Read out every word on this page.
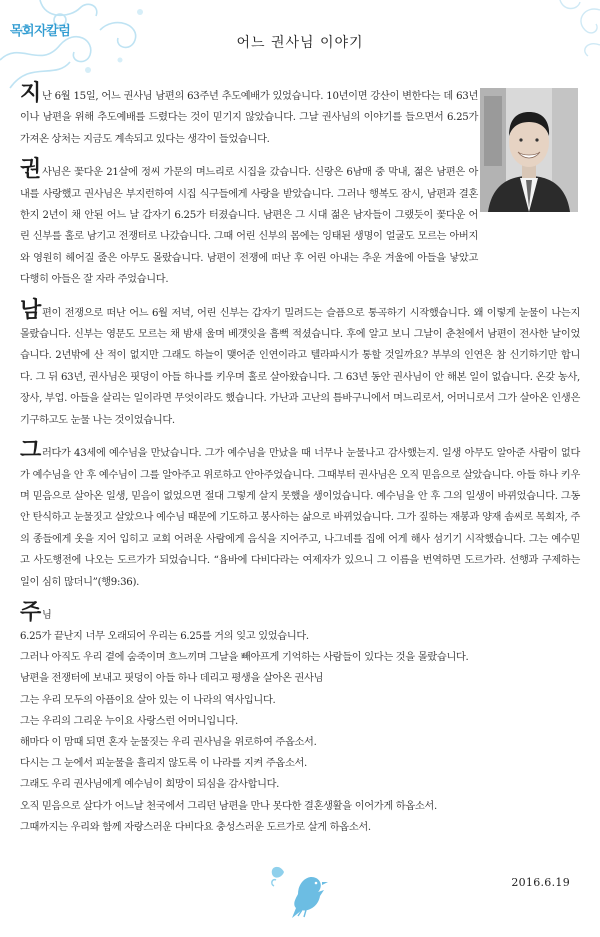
목회자칼럼
어느 권사님 이야기

지난 6월 15일, 어느 권사님 남편의 63주년 추도예배가 있었습니다. 10년이면 강산이 변한다는 데 63년이나 남편을 위해 추도예배를 드렸다는 것이 믿기지 않았습니다. 그날 권사님의 이야기를 들으면서 6.25가 가져온 상처는 지금도 계속되고 있다는 생각이 들었습니다.

권사님은 꽃다운 21살에 정씨 가문의 며느리로 시집을 갔습니다. 신랑은 6남매 중 막내, 젊은 남편은 아내를 사랑했고 권사님은 부지런하여 시집 식구들에게 사랑을 받았습니다. 그러나 행복도 잠시, 남편과 결혼한지 2년이 채 안된 어느 날 갑자기 6.25가 터졌습니다. 남편은 그 시대 젊은 남자들이 그랬듯이 꽃다운 어린 신부를 홀로 남기고 전쟁터로 나갔습니다. 그때 어린 신부의 몸에는 잉태된 생명이 얼굴도 모르는 아버지와 영원히 헤어질 줄은 아무도 몰랐습니다. 남편이 전쟁에 떠난 후 어린 아내는 추운 겨울에 아들을 낳았고 다행히 아들은 잘 자라 주었습니다.

남편이 전쟁으로 떠난 어느 6월 저녁, 어린 신부는 갑자기 밀려드는 슬픔으로 통곡하기 시작했습니다. 왜 이렇게 눈물이 나는지 몰랐습니다. 신부는 영문도 모르는 채 밤새 울며 베갯잇을 흠뻑 적셨습니다. 후에 알고 보니 그날이 춘천에서 남편이 전사한 날이었습니다. 2년밖에 산 적이 없지만 그래도 하늘이 맺어준 인연이라고 텔라파시가 통할 것일까요? 부부의 인연은 참 신기하기만 합니다. 그 뒤 63년, 권사님은 핏덩이 아들 하나를 키우며 홀로 살아왔습니다. 그 63년 동안 권사님이 안 해본 일이 없습니다. 온갖 농사, 장사, 부업. 아들을 살리는 일이라면 무엇이라도 했습니다. 가난과 고난의 틈바구니에서 며느리로서, 어머니로서 그가 살아온 인생은 기구하고도 눈물 나는 것이었습니다.

그러다가 43세에 예수님을 만났습니다. 그가 예수님을 만났을 때 너무나 눈물나고 감사했는지. 일생 아무도 알아준 사람이 없다가 예수님을 안 후 예수님이 그를 알아주고 위로하고 안아주었습니다. 그때부터 권사님은 오직 믿음으로 살았습니다. 아들 하나 키우며 믿음으로 살아온 일생, 믿음이 없었으면 절대 그렇게 살지 못했을 생이었습니다. 예수님을 안 후 그의 일생이 바뀌었습니다. 그동안 탄식하고 눈물짓고 살았으나 예수님 때문에 기도하고 봉사하는 삶으로 바뀌었습니다. 그가 짚하는 재봉과 양재 솜씨로 목회자, 주의 종들에게 옷을 지어 입히고 교회 어려운 사람에게 음식을 지어주고, 나그네를 집에 어게 해사 섬기기 시작했습니다. 그는 예수믿고 사도행전에 나오는 도르가가 되었습니다. “욥바에 다비다라는 여제자가 있으니 그 이름을 번역하면 도르가라. 선행과 구제하는 일이 심히 많더니”(행9:36).

주님

6.25가 끝난지 너무 오래되어 우리는 6.25를 거의 잊고 있었습니다.

그러나 아직도 우리 곁에 숨죽이며 흐느끼며 그날을 빼아프게 기억하는 사람들이 있다는 것을 몰랐습니다.

남편을 전쟁터에 보내고 핏덩이 아들 하나 데리고 평생을 살아온 권사님

그는 우리 모두의 아픔이요 살아 있는 이 나라의 역사입니다.

그는 우리의 그리운 누이요 사랑스런 어머니입니다.

해마다 이 맘때 되면 혼자 눈물짓는 우리 권사님을 위로하여 주옵소서.

다시는 그 눈에서 피눈물을 흘리지 않도록 이 나라를 지켜 주옵소서.

그래도 우리 권사님에게 예수님이 희망이 되심을 감사합니다.

오직 믿음으로 살다가 어느날 천국에서 그리던 남편을 만나 못다한 결혼생활을 이어가게 하옵소서.

그때까지는 우리와 함께 자랑스러운 다비다요 충성스러운 도르가로 살게 하옵소서.

2016.6.19
